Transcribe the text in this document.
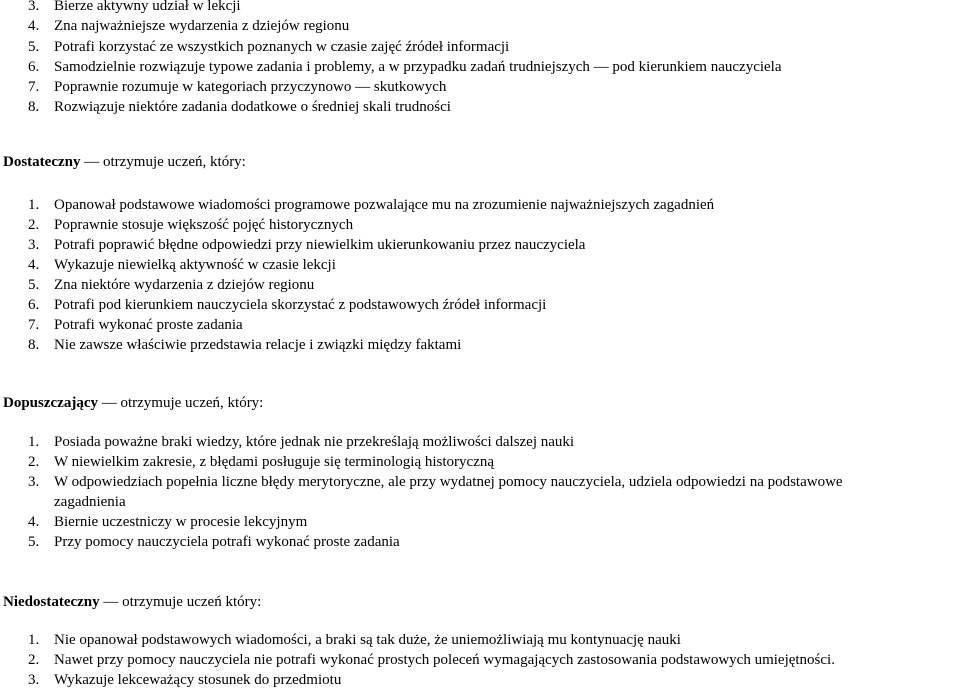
3. Bierze aktywny udział w lekcji
4. Zna najważniejsze wydarzenia z dziejów regionu
5. Potrafi korzystać ze wszystkich poznanych w czasie zajęć źródeł informacji
6. Samodzielnie rozwiązuje typowe zadania i problemy, a w przypadku zadań trudniejszych — pod kierunkiem nauczyciela
7. Poprawnie rozumuje w kategoriach przyczynowo — skutkowych
8. Rozwiązuje niektóre zadania dodatkowe o średniej skali trudności
Dostateczny — otrzymuje uczeń, który:
1. Opanował podstawowe wiadomości programowe pozwalające mu na zrozumienie najważniejszych zagadnień
2. Poprawnie stosuje większość pojęć historycznych
3. Potrafi poprawić błędne odpowiedzi przy niewielkim ukierunkowaniu przez nauczyciela
4. Wykazuje niewielką aktywność w czasie lekcji
5. Zna niektóre wydarzenia z dziejów regionu
6. Potrafi pod kierunkiem nauczyciela skorzystać z podstawowych źródeł informacji
7. Potrafi wykonać proste zadania
8. Nie zawsze właściwie przedstawia relacje i związki między faktami
Dopuszczający — otrzymuje uczeń, który:
1. Posiada poważne braki wiedzy, które jednak nie przekreślają możliwości dalszej nauki
2. W niewielkim zakresie, z błędami posługuje się terminologią historyczną
3. W odpowiedziach popełnia liczne błędy merytoryczne, ale przy wydatnej pomocy nauczyciela, udziela odpowiedzi na podstawowe
zagadnienia
4. Biernie uczestniczy w procesie lekcyjnym
5. Przy pomocy nauczyciela potrafi wykonać proste zadania
Niedostateczny — otrzymuje uczeń który:
1. Nie opanował podstawowych wiadomości, a braki są tak duże, że uniemożliwiają mu kontynuację nauki
2. Nawet przy pomocy nauczyciela nie potrafi wykonać prostych poleceń wymagających zastosowania podstawowych umiejętności.
3. Wykazuje lekceważący stosunek do przedmiotu
